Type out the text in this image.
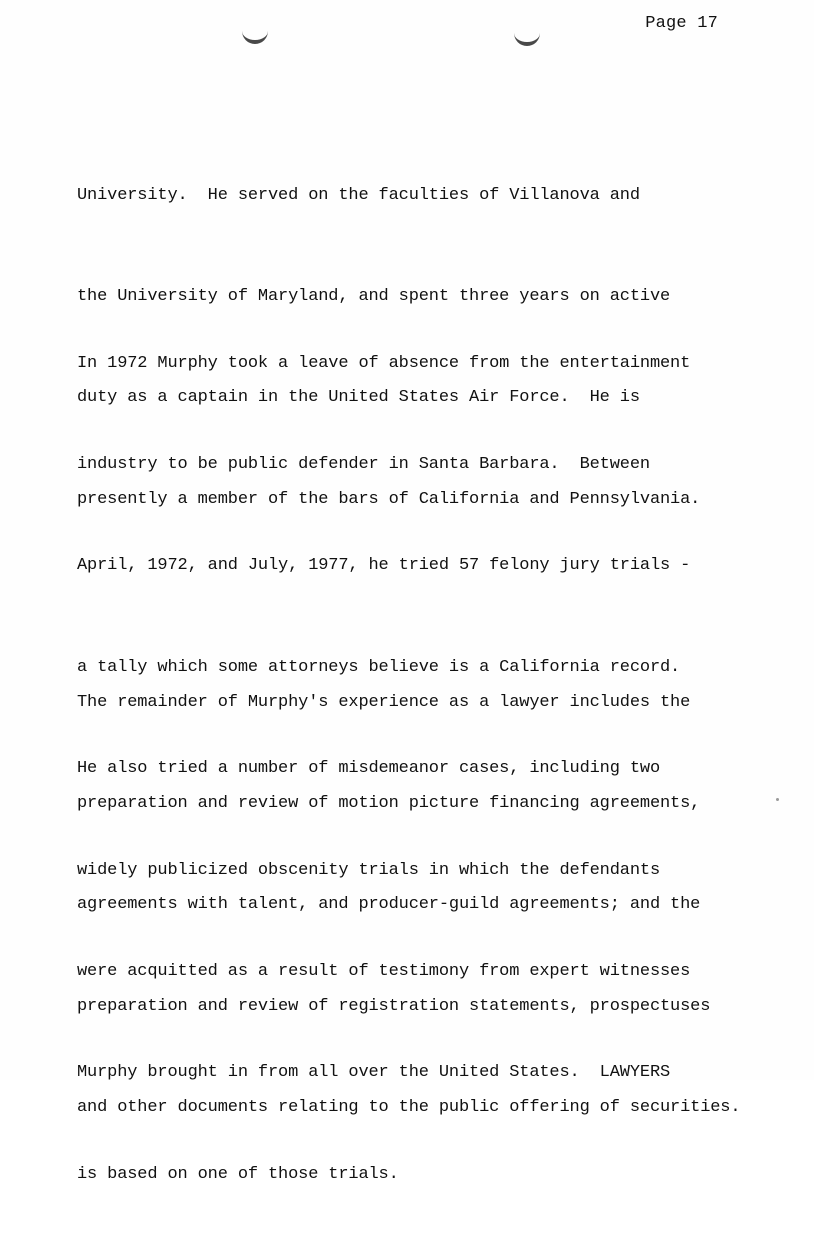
Page 17

University.  He served on the faculties of Villanova and

the University of Maryland, and spent three years on active

duty as a captain in the United States Air Force.  He is

presently a member of the bars of California and Pennsylvania.

In 1972 Murphy took a leave of absence from the entertainment

industry to be public defender in Santa Barbara.  Between

April, 1972, and July, 1977, he tried 57 felony jury trials -

a tally which some attorneys believe is a California record.

He also tried a number of misdemeanor cases, including two

widely publicized obscenity trials in which the defendants

were acquitted as a result of testimony from expert witnesses

Murphy brought in from all over the United States.  LAWYERS

is based on one of those trials.

The remainder of Murphy's experience as a lawyer includes the

preparation and review of motion picture financing agreements,

agreements with talent, and producer-guild agreements; and the

preparation and review of registration statements, prospectuses

and other documents relating to the public offering of securities.
